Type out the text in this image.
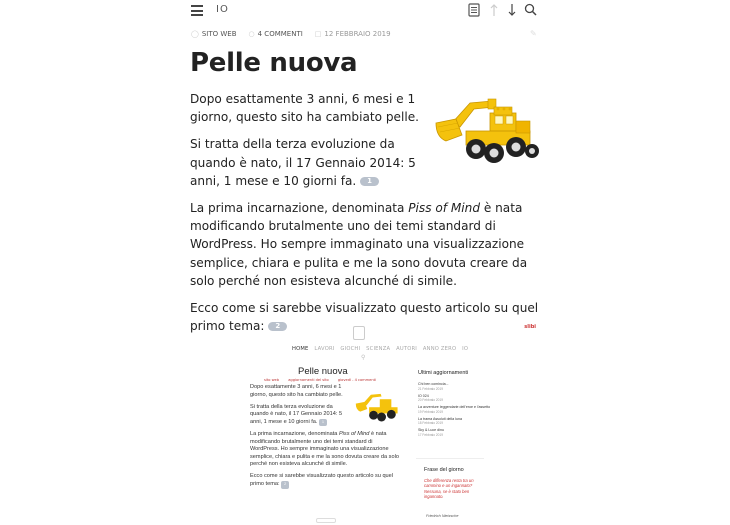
IO
◯ SITO WEB ○ 4 COMMENTI □ 12 FEBBRAIO 2019	✎
Pelle nuova

Dopo esattamente 3 anni, 6 mesi e 1 giorno, questo sito ha cambiato pelle.

Si tratta della terza evoluzione da quando è nato, il 17 Gennaio 2014: 5 anni, 1 mese e 10 giorni fa. 1

La prima incarnazione, denominata Piss of Mind è nata modificando brutalmente uno dei temi standard di WordPress. Ho sempre immaginato una visualizzazione semplice, chiara e pulita e me la sono dovuta creare da solo perché non esisteva alcunché di simile.

Ecco come si sarebbe visualizzato questo articolo su quel primo tema: 2	slibi
HOME LAVORI GIOCHI SCIENZA AUTORI ANNO ZERO IO
⚲
Pelle nuova
sito web	aggiornamenti del sito	giovedì - 4 commenti

Dopo esattamente 3 anni, 6 mesi e 1 giorno, questo sito ha cambiato pelle.

Si tratta della terza evoluzione da quando è nato, il 17 Gennaio 2014: 5 anni, 1 mese e 10 giorni fa. 1

La prima incarnazione, denominata Piss of Mind è nata modificando brutalmente uno dei temi standard di WordPress. Ho sempre immaginato una visualizzazione semplice, chiara e pulita e me la sono dovuta creare da solo perché non esisteva alcunché di simile.

Ecco come si sarebbe visualizzato questo articolo su quel primo tema: 2

Ultimi aggiornamenti
Chi ben comincia...
21 Febbraio 2019
IO 024
20 Febbraio 2019
La avventure leggendarie dell'eroe e l'assetto
19 Febbraio 2019
La trama Assoluti della luna
18 Febbraio 2019
Sky & Luce dinu
17 Febbraio 2019
Frase del giorno
Che differenza resta tra un cammino e un ingannato? Nessuna, se è stato ben ingannato.
Friedrich Nietzsche
